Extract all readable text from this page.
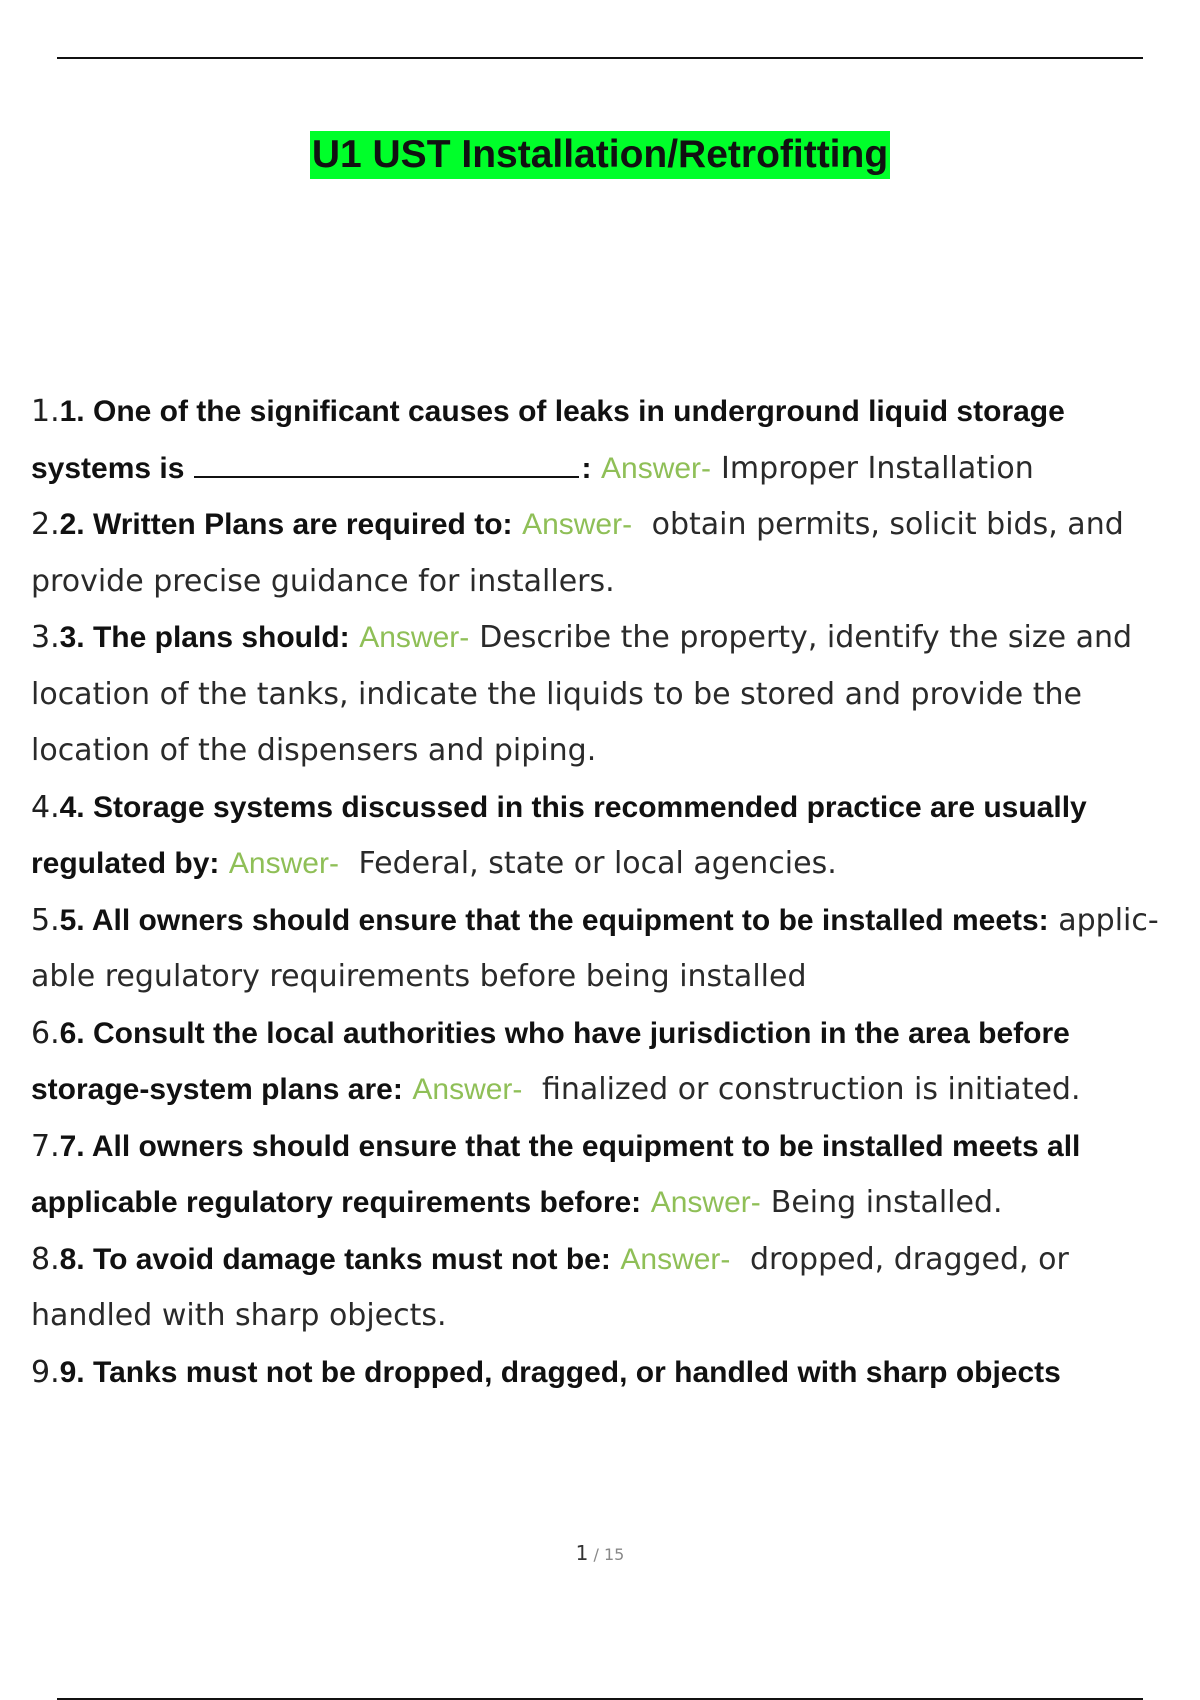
U1 UST Installation/Retrofitting
1.1. One of the significant causes of leaks in underground liquid storage systems is	: Answer- Improper Installation
2.2. Written Plans are required to: Answer- obtain permits, solicit bids, and provide precise guidance for installers.
3.3. The plans should: Answer- Describe the property, identify the size and location of the tanks, indicate the liquids to be stored and provide the location of the dispensers and piping.
4.4. Storage systems discussed in this recommended practice are usually regulated by: Answer- Federal, state or local agencies.
5.5. All owners should ensure that the equipment to be installed meets: applic- able regulatory requirements before being installed
6.6. Consult the local authorities who have jurisdiction in the area before storage-system plans are: Answer- finalized or construction is initiated.
7.7. All owners should ensure that the equipment to be installed meets all applicable regulatory requirements before: Answer- Being installed.
8.8. To avoid damage tanks must not be: Answer- dropped, dragged, or handled with sharp objects.
9.9. Tanks must not be dropped, dragged, or handled with sharp objects
1 / 15
